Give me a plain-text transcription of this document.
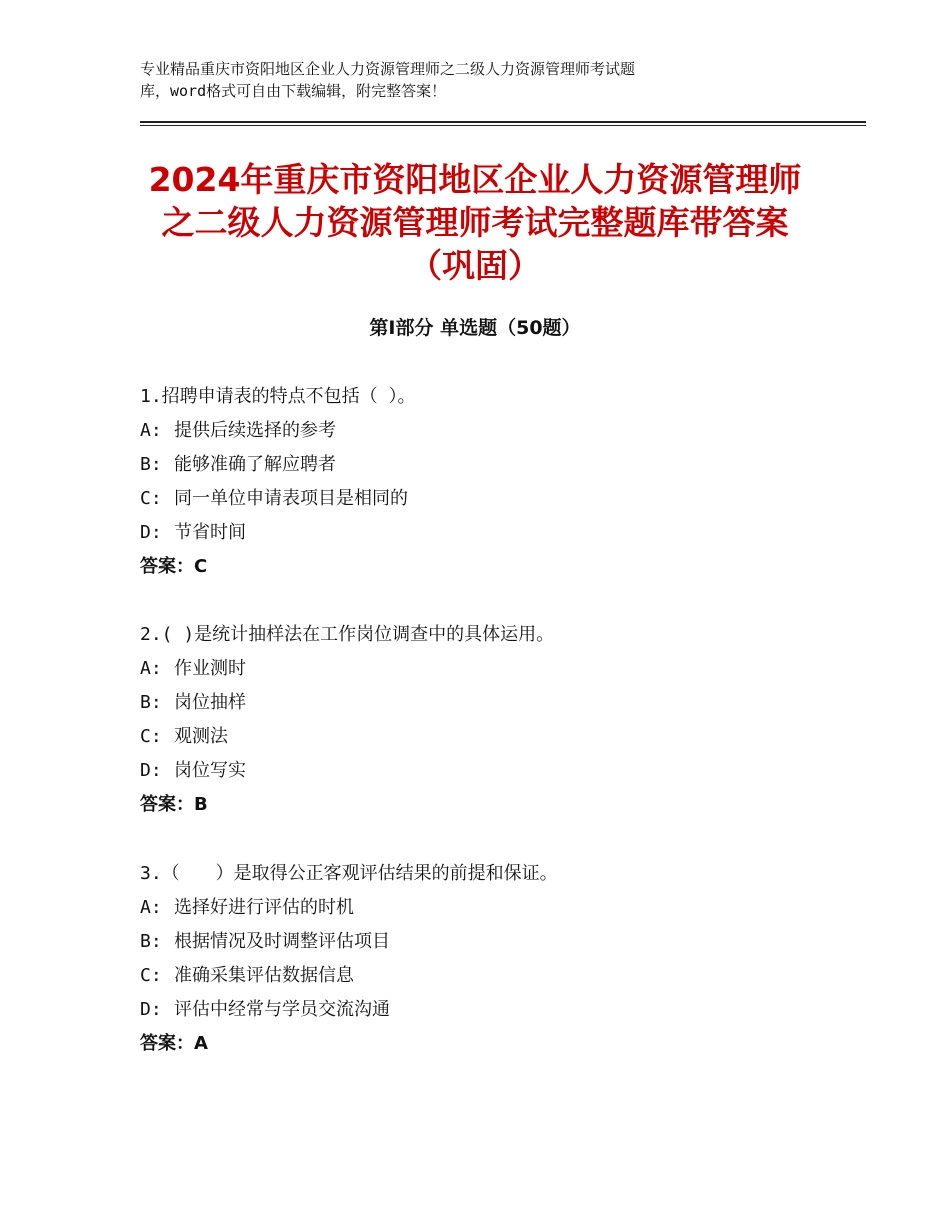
专业精品重庆市资阳地区企业人力资源管理师之二级人力资源管理师考试题
库，word格式可自由下载编辑，附完整答案！
2024年重庆市资阳地区企业人力资源管理师
之二级人力资源管理师考试完整题库带答案
（巩固）
第Ⅰ部分 单选题（50题）
1.招聘申请表的特点不包括（ ）。
A: 提供后续选择的参考
B: 能够准确了解应聘者
C: 同一单位申请表项目是相同的
D: 节省时间
答案：C
2.( )是统计抽样法在工作岗位调查中的具体运用。
A: 作业测时
B: 岗位抽样
C: 观测法
D: 岗位写实
答案：B
3.（　　）是取得公正客观评估结果的前提和保证。
A: 选择好进行评估的时机
B: 根据情况及时调整评估项目
C: 准确采集评估数据信息
D: 评估中经常与学员交流沟通
答案：A
